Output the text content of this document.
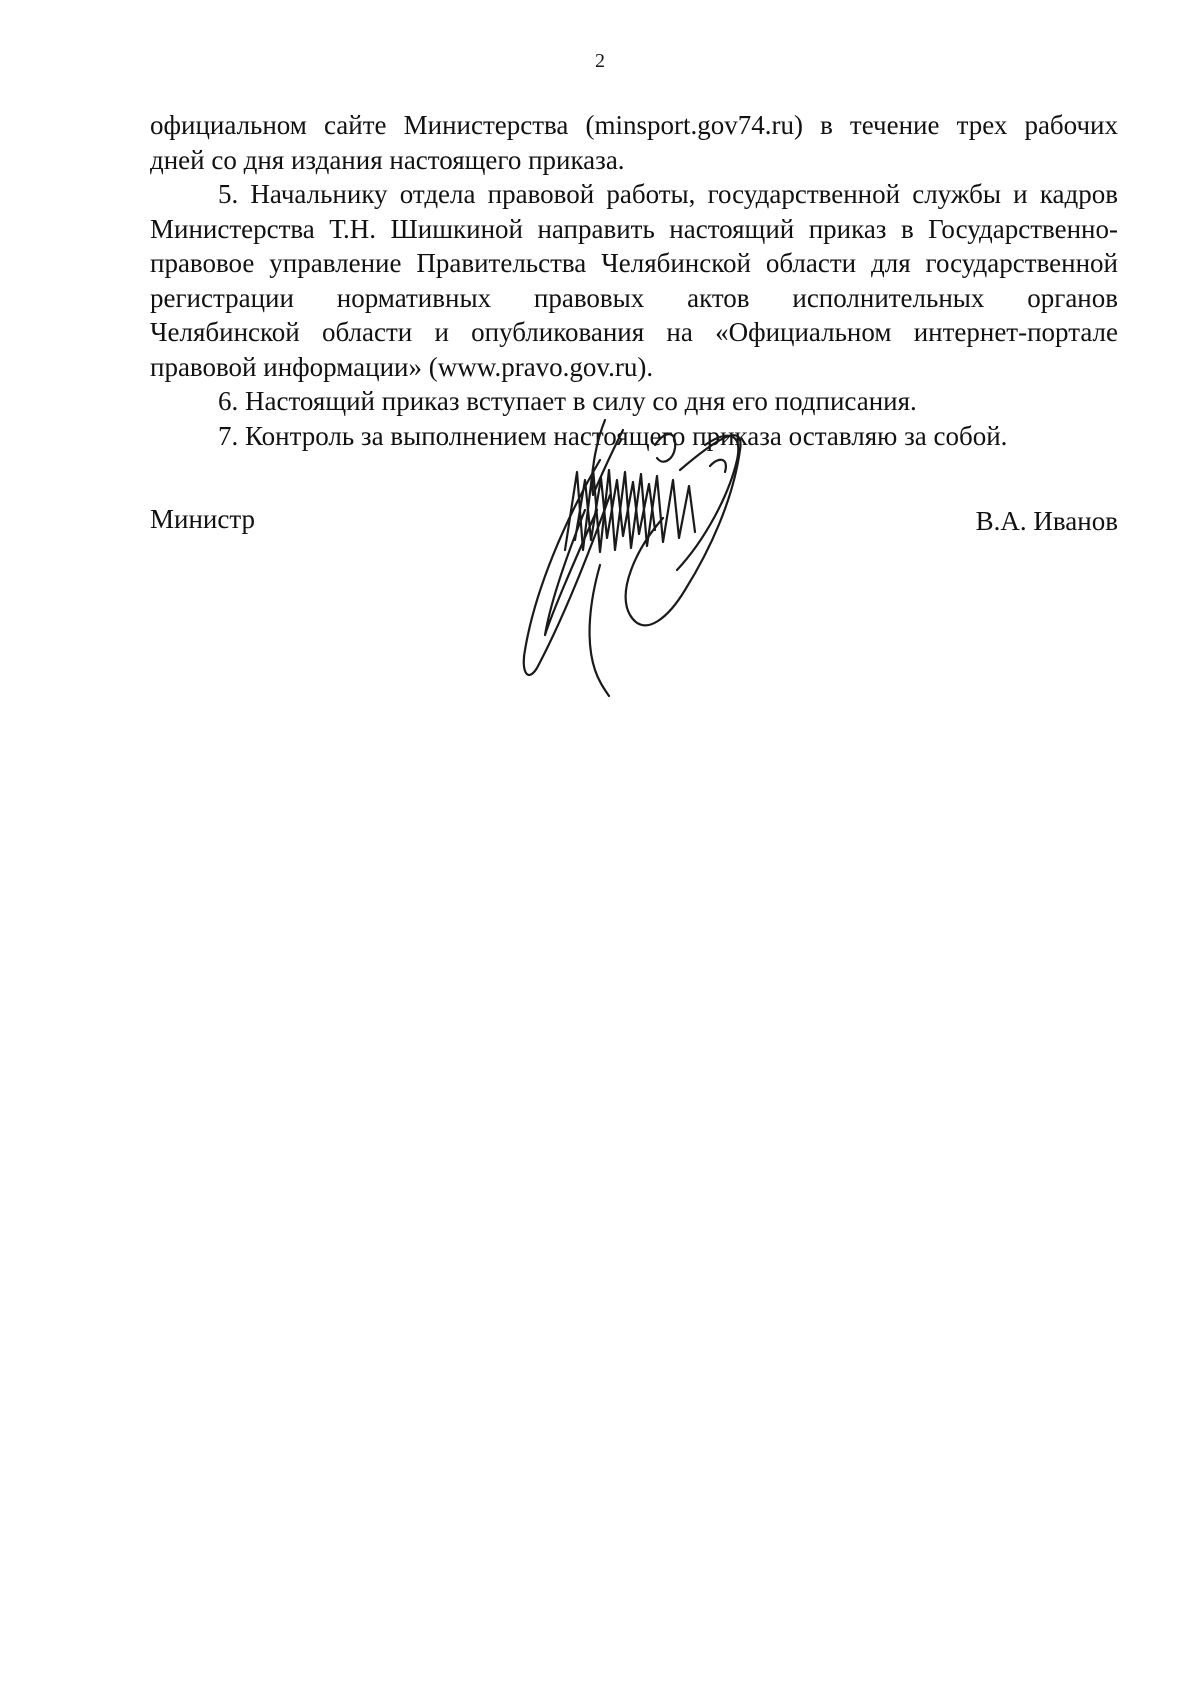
2

официальном сайте Министерства (minsport.gov74.ru) в течение трех рабочих

дней со дня издания настоящего приказа.

5. Начальнику отдела правовой работы, государственной службы и кадров

Министерства Т.Н. Шишкиной направить настоящий приказ в Государственно-

правовое управление Правительства Челябинской области для государственной

регистрации нормативных правовых актов исполнительных органов

Челябинской области и опубликования на «Официальном интернет-портале

правовой информации» (www.pravo.gov.ru).

6. Настоящий приказ вступает в силу со дня его подписания.

7. Контроль за выполнением настоящего приказа оставляю за собой.

Министр	В.А. Иванов
